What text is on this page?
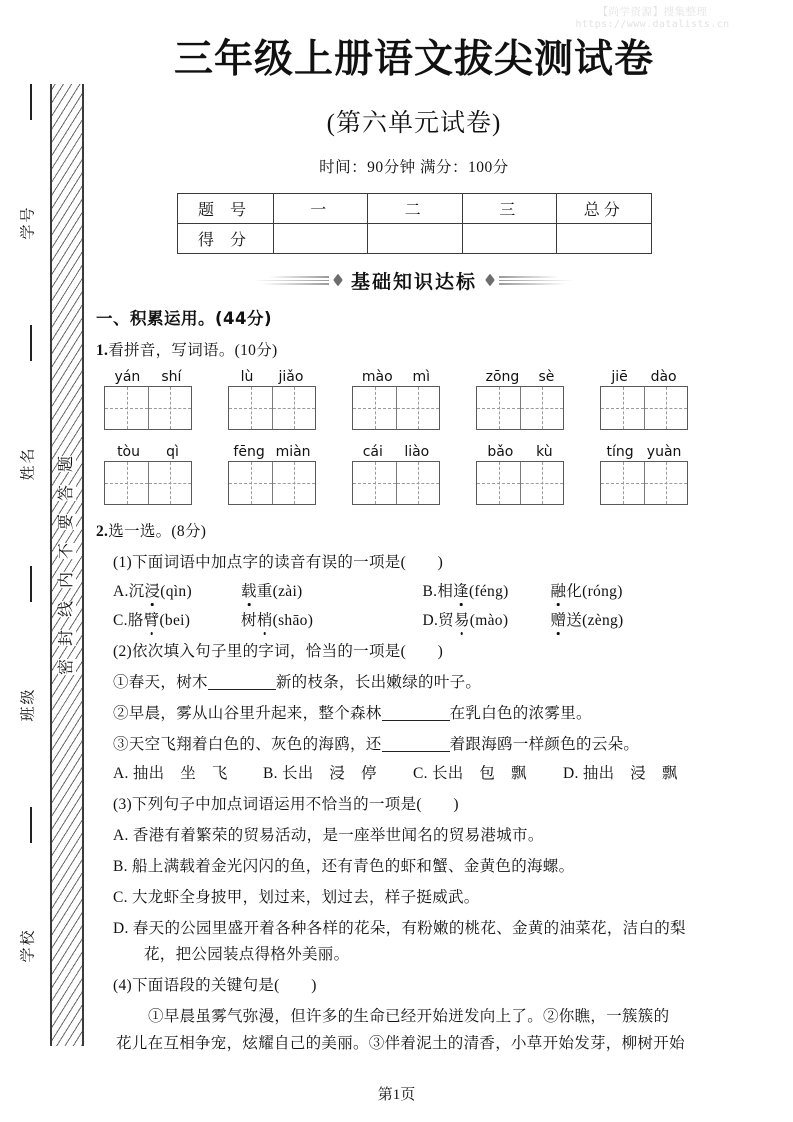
【尚学资源】搜集整理
https://www.datalists.cn
密
封
线
内
不
要
答
题
学号
姓名
班级
学校
三年级上册语文拔尖测试卷
(第六单元试卷)
时间：90分钟 满分：100分
题 号	一	二	三	总分
得 分				
基础知识达标
一、积累运用。(44分)
1.看拼音，写词语。(10分)
yán shí	lù jiǎo	mào mì	zōng sè	jiē dào
tòu qì	fēng miàn	cái liào	bǎo kù	tíng yuàn
2.选一选。(8分)
(1)下面词语中加点字的读音有误的一项是(　　)
A.沉浸(qìn)	载重(zài)	B.相逢(féng)	融化(róng)
C.胳臂(bei)	树梢(shāo)	D.贸易(mào)	赠送(zèng)
(2)依次填入句子里的字词，恰当的一项是(　　)
①春天，树木	新的枝条，长出嫩绿的叶子。
②早晨，雾从山谷里升起来，整个森林	在乳白色的浓雾里。
③天空飞翔着白色的、灰色的海鸥，还	着跟海鸥一样颜色的云朵。
A. 抽出　坐　飞	B. 长出　浸　停	C. 长出　包　飘	D. 抽出　浸　飘
(3)下列句子中加点词语运用不恰当的一项是(　　)
A. 香港有着繁荣的贸易活动，是一座举世闻名的贸易港城市。
B. 船上满载着金光闪闪的鱼，还有青色的虾和蟹、金黄色的海螺。
C. 大龙虾全身披甲，划过来，划过去，样子挺威武。
D. 春天的公园里盛开着各种各样的花朵，有粉嫩的桃花、金黄的油菜花，洁白的梨
花，把公园装点得格外美丽。
(4)下面语段的关键句是(　　)
①早晨虽雾气弥漫，但许多的生命已经开始迸发向上了。②你瞧，一簇簇的
花儿在互相争宠，炫耀自己的美丽。③伴着泥土的清香，小草开始发芽，柳树开始
第1页
